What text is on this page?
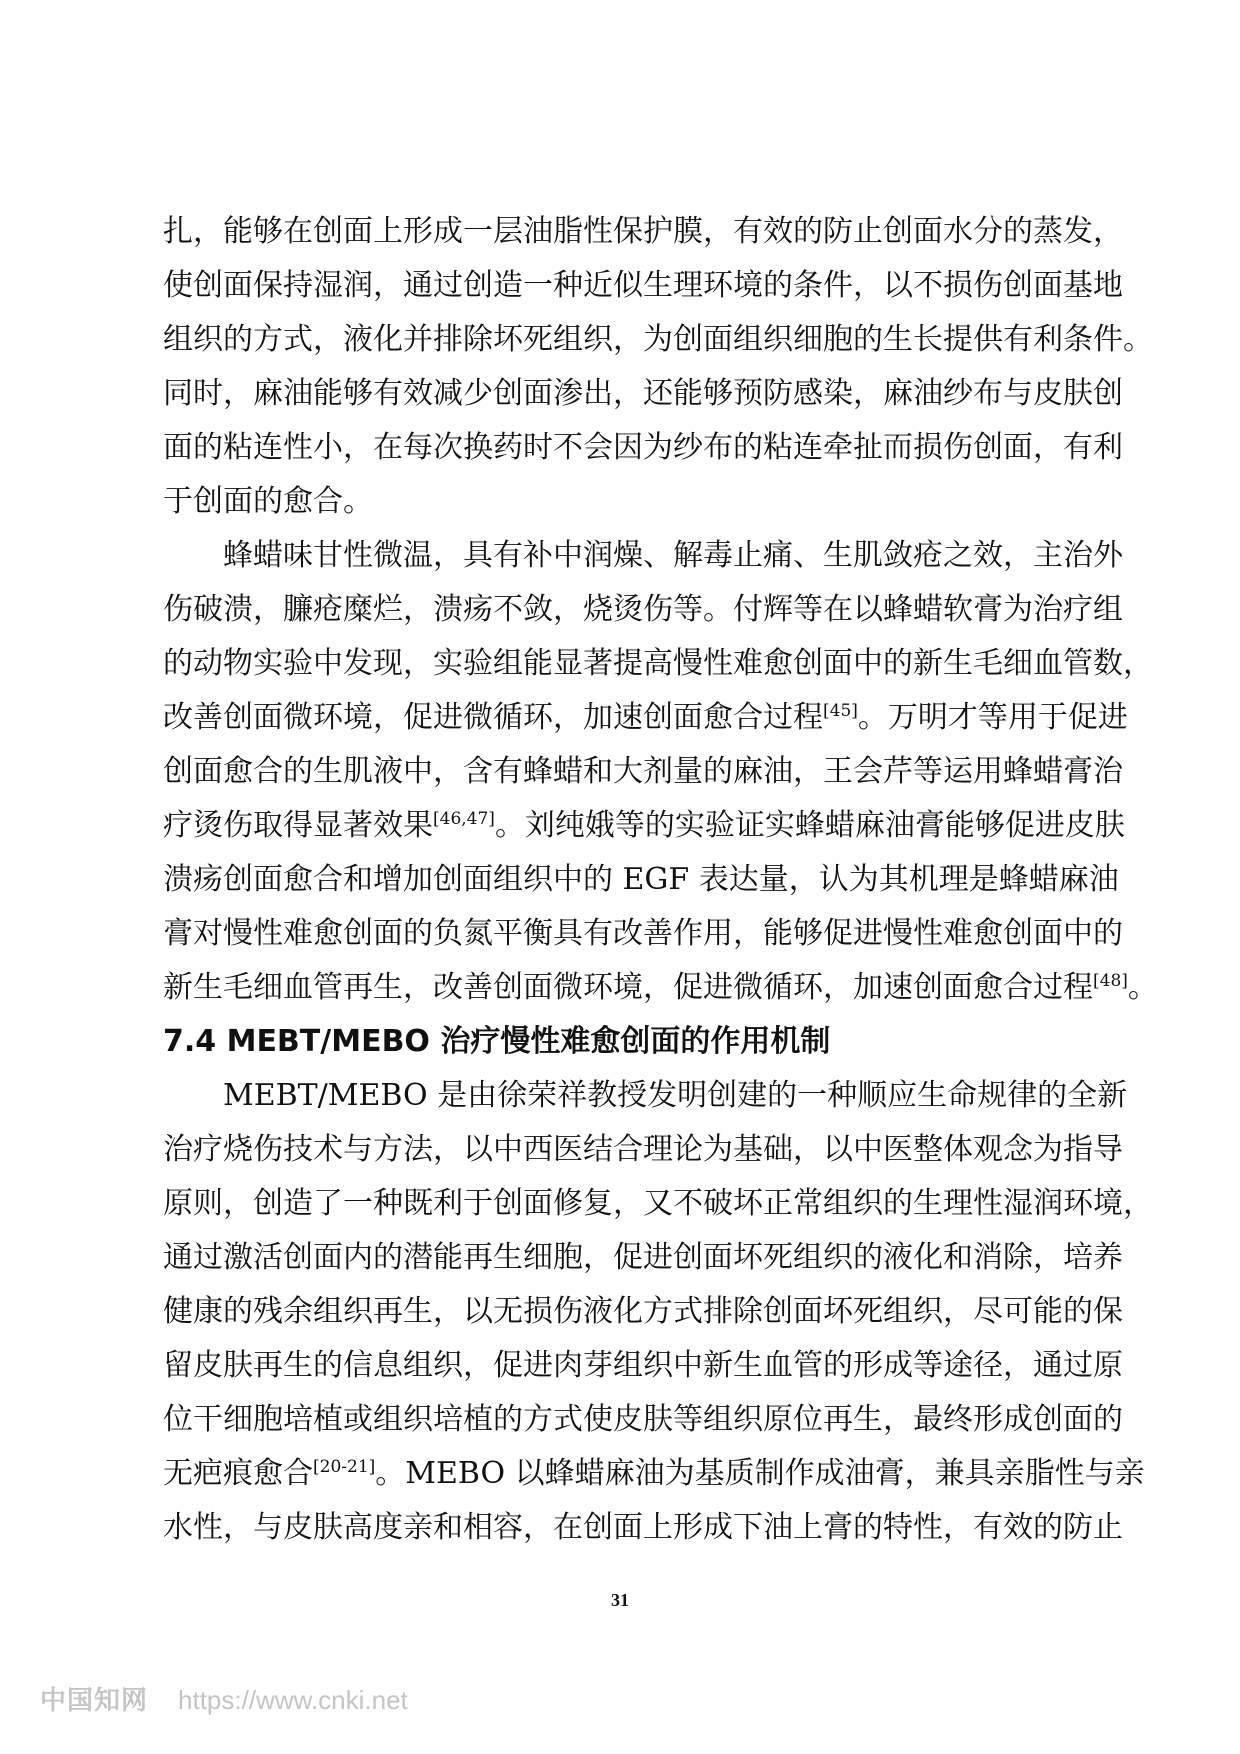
扎，能够在创面上形成一层油脂性保护膜，有效的防止创面水分的蒸发，
使创面保持湿润，通过创造一种近似生理环境的条件，以不损伤创面基地
组织的方式，液化并排除坏死组织，为创面组织细胞的生长提供有利条件。
同时，麻油能够有效减少创面渗出，还能够预防感染，麻油纱布与皮肤创
面的粘连性小，在每次换药时不会因为纱布的粘连牵扯而损伤创面，有利
于创面的愈合。
蜂蜡味甘性微温，具有补中润燥、解毒止痛、生肌敛疮之效，主治外
伤破溃，臁疮糜烂，溃疡不敛，烧烫伤等。付辉等在以蜂蜡软膏为治疗组
的动物实验中发现，实验组能显著提高慢性难愈创面中的新生毛细血管数，
改善创面微环境，促进微循环，加速创面愈合过程[45]。万明才等用于促进
创面愈合的生肌液中，含有蜂蜡和大剂量的麻油，王会芹等运用蜂蜡膏治
疗烫伤取得显著效果[46,47]。刘纯娥等的实验证实蜂蜡麻油膏能够促进皮肤
溃疡创面愈合和增加创面组织中的 EGF 表达量，认为其机理是蜂蜡麻油
膏对慢性难愈创面的负氮平衡具有改善作用，能够促进慢性难愈创面中的
新生毛细血管再生，改善创面微环境，促进微循环，加速创面愈合过程[48]。
7.4 MEBT/MEBO 治疗慢性难愈创面的作用机制
MEBT/MEBO 是由徐荣祥教授发明创建的一种顺应生命规律的全新
治疗烧伤技术与方法，以中西医结合理论为基础，以中医整体观念为指导
原则，创造了一种既利于创面修复，又不破坏正常组织的生理性湿润环境，
通过激活创面内的潜能再生细胞，促进创面坏死组织的液化和消除，培养
健康的残余组织再生，以无损伤液化方式排除创面坏死组织，尽可能的保
留皮肤再生的信息组织，促进肉芽组织中新生血管的形成等途径，通过原
位干细胞培植或组织培植的方式使皮肤等组织原位再生，最终形成创面的
无疤痕愈合[20-21]。MEBO 以蜂蜡麻油为基质制作成油膏，兼具亲脂性与亲
水性，与皮肤高度亲和相容，在创面上形成下油上膏的特性，有效的防止
31
中国知网 https://www.cnki.net
